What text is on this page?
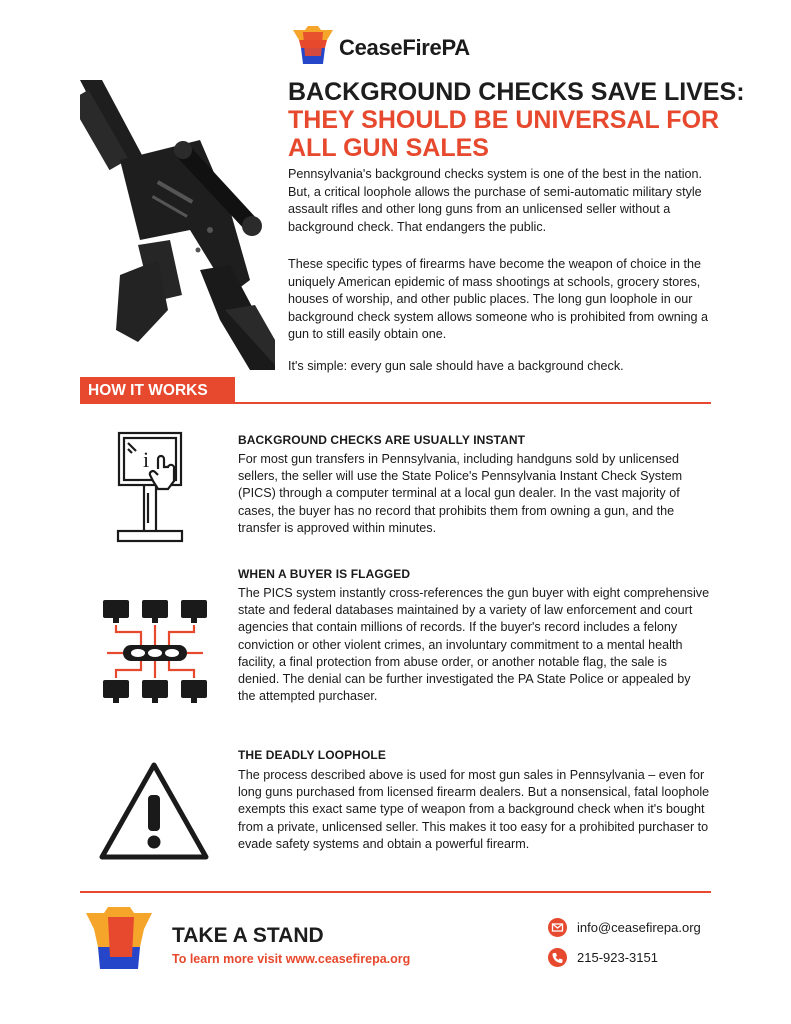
CeaseFirePA
BACKGROUND CHECKS SAVE LIVES: THEY SHOULD BE UNIVERSAL FOR ALL GUN SALES
Pennsylvania's background checks system is one of the best in the nation. But, a critical loophole allows the purchase of semi-automatic military style assault rifles and other long guns from an unlicensed seller without a background check. That endangers the public.
These specific types of firearms have become the weapon of choice in the uniquely American epidemic of mass shootings at schools, grocery stores, houses of worship, and other public places. The long gun loophole in our background check system allows someone who is prohibited from owning a gun to still easily obtain one.
It's simple: every gun sale should have a background check.
HOW IT WORKS
i
BACKGROUND CHECKS ARE USUALLY INSTANT
For most gun transfers in Pennsylvania, including handguns sold by unlicensed sellers, the seller will use the State Police's Pennsylvania Instant Check System (PICS) through a computer terminal at a local gun dealer. In the vast majority of cases, the buyer has no record that prohibits them from owning a gun, and the transfer is approved within minutes.
WHEN A BUYER IS FLAGGED
The PICS system instantly cross-references the gun buyer with eight comprehensive state and federal databases maintained by a variety of law enforcement and court agencies that contain millions of records. If the buyer's record includes a felony conviction or other violent crimes, an involuntary commitment to a mental health facility, a final protection from abuse order, or another notable flag, the sale is denied. The denial can be further investigated the PA State Police or appealed by the attempted purchaser.
THE DEADLY LOOPHOLE
The process described above is used for most gun sales in Pennsylvania – even for long guns purchased from licensed firearm dealers. But a nonsensical, fatal loophole exempts this exact same type of weapon from a background check when it's bought from a private, unlicensed seller. This makes it too easy for a prohibited purchaser to evade safety systems and obtain a powerful firearm.
TAKE A STAND
To learn more visit www.ceasefirepa.org
info@ceasefirepa.org
215-923-3151
